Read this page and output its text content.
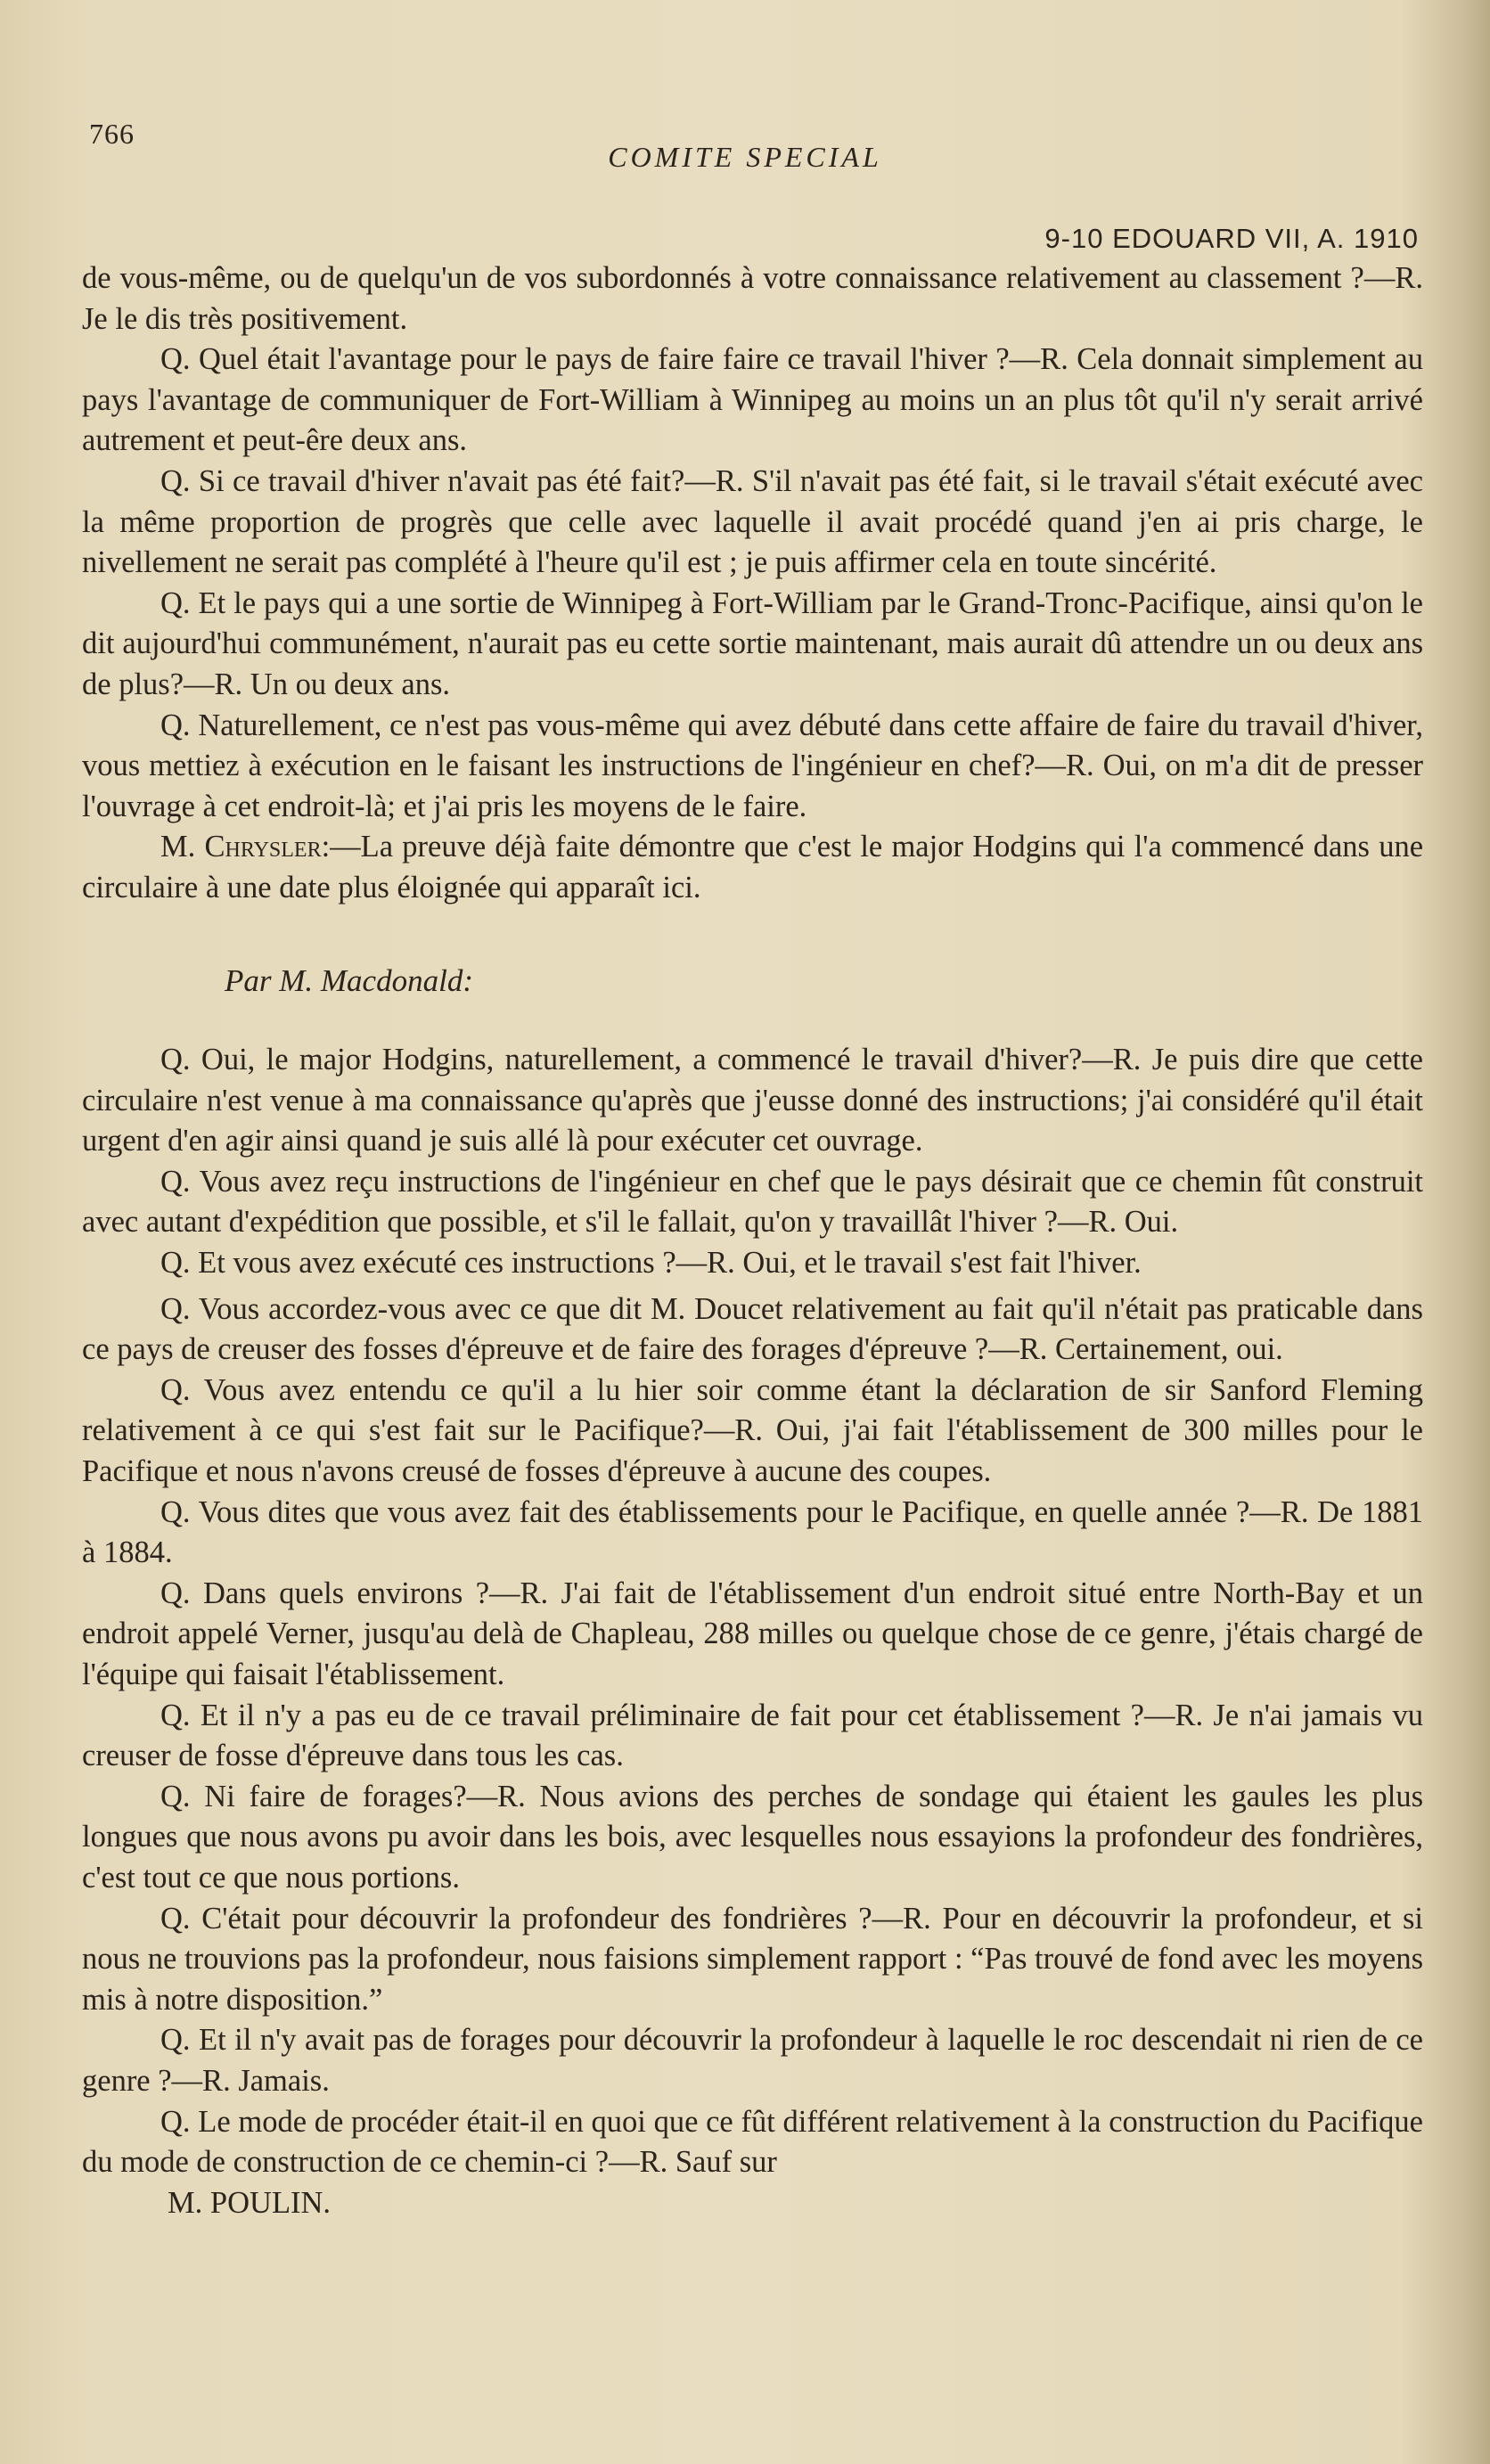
766
COMITE SPECIAL
9-10 EDOUARD VII, A. 1910

de vous-même, ou de quelqu'un de vos subordonnés à votre connaissance relativement au classement ?—R. Je le dis très positivement.

Q. Quel était l'avantage pour le pays de faire faire ce travail l'hiver ?—R. Cela donnait simplement au pays l'avantage de communiquer de Fort-William à Winnipeg au moins un an plus tôt qu'il n'y serait arrivé autrement et peut-êre deux ans.

Q. Si ce travail d'hiver n'avait pas été fait?—R. S'il n'avait pas été fait, si le travail s'était exécuté avec la même proportion de progrès que celle avec laquelle il avait procédé quand j'en ai pris charge, le nivellement ne serait pas complété à l'heure qu'il est ; je puis affirmer cela en toute sincérité.

Q. Et le pays qui a une sortie de Winnipeg à Fort-William par le Grand-Tronc-Pacifique, ainsi qu'on le dit aujourd'hui communément, n'aurait pas eu cette sortie maintenant, mais aurait dû attendre un ou deux ans de plus?—R. Un ou deux ans.

Q. Naturellement, ce n'est pas vous-même qui avez débuté dans cette affaire de faire du travail d'hiver, vous mettiez à exécution en le faisant les instructions de l'ingénieur en chef?—R. Oui, on m'a dit de presser l'ouvrage à cet endroit-là; et j'ai pris les moyens de le faire.

M. Chrysler:—La preuve déjà faite démontre que c'est le major Hodgins qui l'a commencé dans une circulaire à une date plus éloignée qui apparaît ici.

Par M. Macdonald:

Q. Oui, le major Hodgins, naturellement, a commencé le travail d'hiver?—R. Je puis dire que cette circulaire n'est venue à ma connaissance qu'après que j'eusse donné des instructions; j'ai considéré qu'il était urgent d'en agir ainsi quand je suis allé là pour exécuter cet ouvrage.

Q. Vous avez reçu instructions de l'ingénieur en chef que le pays désirait que ce chemin fût construit avec autant d'expédition que possible, et s'il le fallait, qu'on y travaillât l'hiver ?—R. Oui.

Q. Et vous avez exécuté ces instructions ?—R. Oui, et le travail s'est fait l'hiver.

Q. Vous accordez-vous avec ce que dit M. Doucet relativement au fait qu'il n'était pas praticable dans ce pays de creuser des fosses d'épreuve et de faire des forages d'épreuve ?—R. Certainement, oui.

Q. Vous avez entendu ce qu'il a lu hier soir comme étant la déclaration de sir Sanford Fleming relativement à ce qui s'est fait sur le Pacifique?—R. Oui, j'ai fait l'établissement de 300 milles pour le Pacifique et nous n'avons creusé de fosses d'épreuve à aucune des coupes.

Q. Vous dites que vous avez fait des établissements pour le Pacifique, en quelle année ?—R. De 1881 à 1884.

Q. Dans quels environs ?—R. J'ai fait de l'établissement d'un endroit situé entre North-Bay et un endroit appelé Verner, jusqu'au delà de Chapleau, 288 milles ou quelque chose de ce genre, j'étais chargé de l'équipe qui faisait l'établissement.

Q. Et il n'y a pas eu de ce travail préliminaire de fait pour cet établissement ?—R. Je n'ai jamais vu creuser de fosse d'épreuve dans tous les cas.

Q. Ni faire de forages?—R. Nous avions des perches de sondage qui étaient les gaules les plus longues que nous avons pu avoir dans les bois, avec lesquelles nous essayions la profondeur des fondrières, c'est tout ce que nous portions.

Q. C'était pour découvrir la profondeur des fondrières ?—R. Pour en découvrir la profondeur, et si nous ne trouvions pas la profondeur, nous faisions simplement rapport : “Pas trouvé de fond avec les moyens mis à notre disposition.”

Q. Et il n'y avait pas de forages pour découvrir la profondeur à laquelle le roc descendait ni rien de ce genre ?—R. Jamais.

Q. Le mode de procéder était-il en quoi que ce fût différent relativement à la construction du Pacifique du mode de construction de ce chemin-ci ?—R. Sauf sur

M. POULIN.
